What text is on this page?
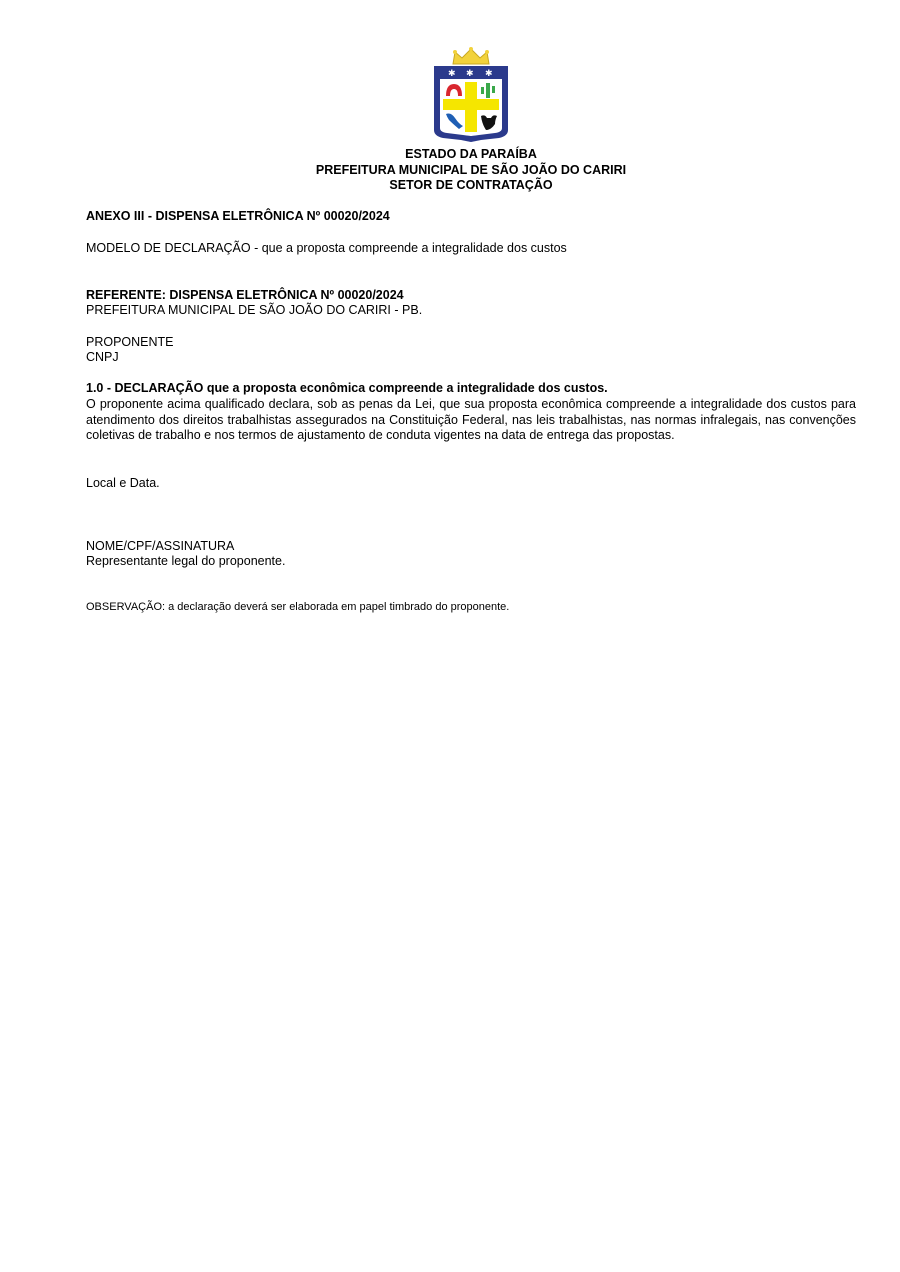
✱ ✱ ✱
ESTADO DA PARAÍBA
PREFEITURA MUNICIPAL DE SÃO JOÃO DO CARIRI
SETOR DE CONTRATAÇÃO
ANEXO III - DISPENSA ELETRÔNICA Nº 00020/2024
MODELO DE DECLARAÇÃO - que a proposta compreende a integralidade dos custos
REFERENTE: DISPENSA ELETRÔNICA Nº 00020/2024
PREFEITURA MUNICIPAL DE SÃO JOÃO DO CARIRI - PB.
PROPONENTE
CNPJ
1.0 - DECLARAÇÃO que a proposta econômica compreende a integralidade dos custos.
O proponente acima qualificado declara, sob as penas da Lei, que sua proposta econômica compreende a integralidade dos custos para atendimento dos direitos trabalhistas assegurados na Constituição Federal, nas leis trabalhistas, nas normas infralegais, nas convenções coletivas de trabalho e nos termos de ajustamento de conduta vigentes na data de entrega das propostas.
Local e Data.
NOME/CPF/ASSINATURA
Representante legal do proponente.
OBSERVAÇÃO: a declaração deverá ser elaborada em papel timbrado do proponente.
